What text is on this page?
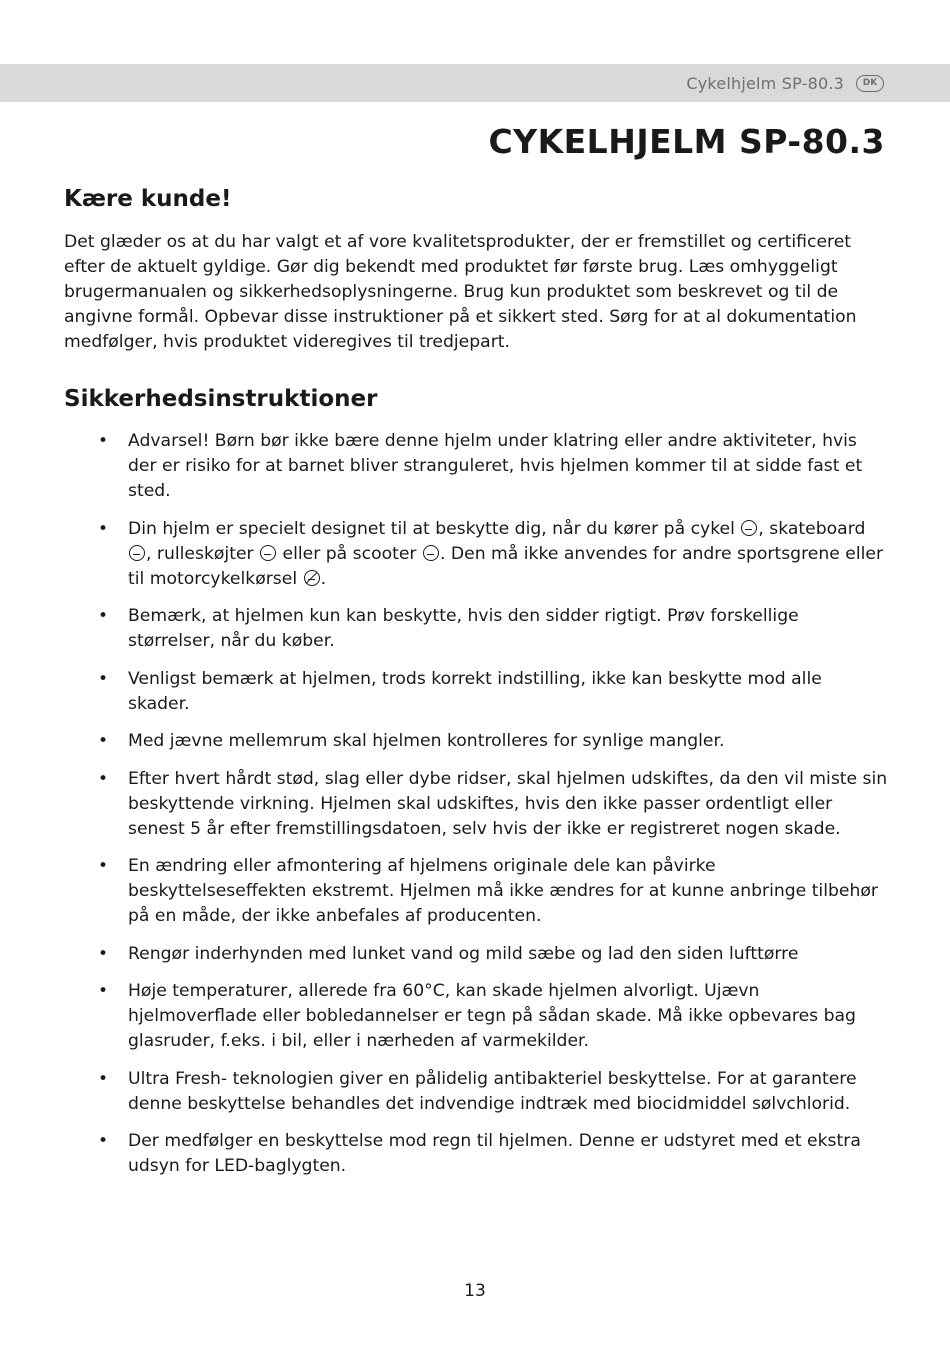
Cykelhjelm SP-80.3	DK
CYKELHJELM SP-80.3
Kære kunde!

Det glæder os at du har valgt et af vore kvalitetsprodukter, der er fremstillet og certificeret efter de aktuelt gyldige. Gør dig bekendt med produktet før første brug. Læs omhyggeligt brugermanualen og sikkerhedsoplysningerne. Brug kun produktet som beskrevet og til de angivne formål. Opbevar disse instruktioner på et sikkert sted. Sørg for at al dokumentation medfølger, hvis produktet videregives til tredjepart.

Sikkerhedsinstruktioner
• Advarsel! Børn bør ikke bære denne hjelm under klatring eller andre aktiviteter, hvis der er risiko for at barnet bliver stranguleret, hvis hjelmen kommer til at sidde fast et sted.
• Din hjelm er specielt designet til at beskytte dig, når du kører på cykel , skateboard , rulleskøjter eller på scooter . Den må ikke anvendes for andre sportsgrene eller til motorcykelkørsel .
• Bemærk, at hjelmen kun kan beskytte, hvis den sidder rigtigt. Prøv forskellige størrelser, når du køber.
• Venligst bemærk at hjelmen, trods korrekt indstilling, ikke kan beskytte mod alle skader.
• Med jævne mellemrum skal hjelmen kontrolleres for synlige mangler.
• Efter hvert hårdt stød, slag eller dybe ridser, skal hjelmen udskiftes, da den vil miste sin beskyttende virkning. Hjelmen skal udskiftes, hvis den ikke passer ordentligt eller senest 5 år efter fremstillingsdatoen, selv hvis der ikke er registreret nogen skade.
• En ændring eller afmontering af hjelmens originale dele kan påvirke beskyttelseseffekten ekstremt. Hjelmen må ikke ændres for at kunne anbringe tilbehør på en måde, der ikke anbefales af producenten.
• Rengør inderhynden med lunket vand og mild sæbe og lad den siden lufttørre
• Høje temperaturer, allerede fra 60°C, kan skade hjelmen alvorligt. Ujævn hjelmoverflade eller bobledannelser er tegn på sådan skade. Må ikke opbevares bag glasruder, f.eks. i bil, eller i nærheden af varmekilder.
• Ultra Fresh- teknologien giver en pålidelig antibakteriel beskyttelse. For at garantere denne beskyttelse behandles det indvendige indtræk med biocidmiddel sølvchlorid.
• Der medfølger en beskyttelse mod regn til hjelmen. Denne er udstyret med et ekstra udsyn for LED-baglygten.
13
